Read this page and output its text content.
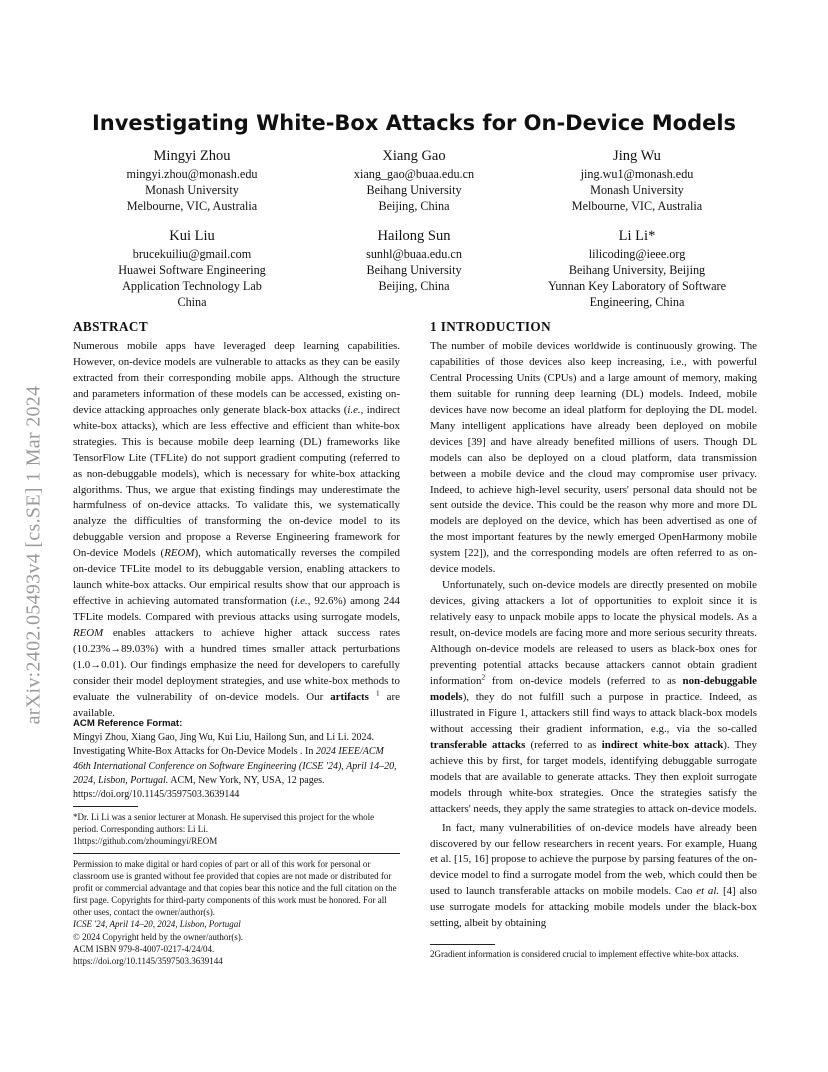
arXiv:2402.05493v4 [cs.SE] 1 Mar 2024
Investigating White-Box Attacks for On-Device Models
Mingyi Zhou
mingyi.zhou@monash.edu
Monash University
Melbourne, VIC, Australia
Xiang Gao
xiang_gao@buaa.edu.cn
Beihang University
Beijing, China
Jing Wu
jing.wu1@monash.edu
Monash University
Melbourne, VIC, Australia
Kui Liu
brucekuiliu@gmail.com
Huawei Software Engineering
Application Technology Lab
China
Hailong Sun
sunhl@buaa.edu.cn
Beihang University
Beijing, China
Li Li*
lilicoding@ieee.org
Beihang University, Beijing
Yunnan Key Laboratory of Software
Engineering, China
ABSTRACT

Numerous mobile apps have leveraged deep learning capabilities. However, on-device models are vulnerable to attacks as they can be easily extracted from their corresponding mobile apps. Although the structure and parameters information of these models can be accessed, existing on-device attacking approaches only generate black-box attacks (i.e., indirect white-box attacks), which are less effective and efficient than white-box strategies. This is because mobile deep learning (DL) frameworks like TensorFlow Lite (TFLite) do not support gradient computing (referred to as non-debuggable models), which is necessary for white-box attacking algorithms. Thus, we argue that existing findings may underestimate the harmfulness of on-device attacks. To validate this, we systematically analyze the difficulties of transforming the on-device model to its debuggable version and propose a Reverse Engineering framework for On-device Models (REOM), which automatically reverses the compiled on-device TFLite model to its debuggable version, enabling attackers to launch white-box attacks. Our empirical results show that our approach is effective in achieving automated transformation (i.e., 92.6%) among 244 TFLite models. Compared with previous attacks using surrogate models, REOM enables attackers to achieve higher attack success rates (10.23%→89.03%) with a hundred times smaller attack perturbations (1.0→0.01). Our findings emphasize the need for developers to carefully consider their model deployment strategies, and use white-box methods to evaluate the vulnerability of on-device models. Our artifacts $^1$ are available.

ACM Reference Format:

Mingyi Zhou, Xiang Gao, Jing Wu, Kui Liu, Hailong Sun, and Li Li. 2024. Investigating White-Box Attacks for On-Device Models . In 2024 IEEE/ACM 46th International Conference on Software Engineering (ICSE '24), April 14–20, 2024, Lisbon, Portugal. ACM, New York, NY, USA, 12 pages. https://doi.org/10.1145/3597503.3639144

*Dr. Li Li was a senior lecturer at Monash. He supervised this project for the whole period. Corresponding authors: Li Li.

1https://github.com/zhoumingyi/REOM

Permission to make digital or hard copies of part or all of this work for personal or classroom use is granted without fee provided that copies are not made or distributed for profit or commercial advantage and that copies bear this notice and the full citation on the first page. Copyrights for third-party components of this work must be honored. For all other uses, contact the owner/author(s).

ICSE '24, April 14–20, 2024, Lisbon, Portugal

© 2024 Copyright held by the owner/author(s).

ACM ISBN 979-8-4007-0217-4/24/04.

https://doi.org/10.1145/3597503.3639144

1 INTRODUCTION

The number of mobile devices worldwide is continuously growing. The capabilities of those devices also keep increasing, i.e., with powerful Central Processing Units (CPUs) and a large amount of memory, making them suitable for running deep learning (DL) models. Indeed, mobile devices have now become an ideal platform for deploying the DL model. Many intelligent applications have already been deployed on mobile devices [39] and have already benefited millions of users. Though DL models can also be deployed on a cloud platform, data transmission between a mobile device and the cloud may compromise user privacy. Indeed, to achieve high-level security, users' personal data should not be sent outside the device. This could be the reason why more and more DL models are deployed on the device, which has been advertised as one of the most important features by the newly emerged OpenHarmony mobile system [22]), and the corresponding models are often referred to as on-device models.

Unfortunately, such on-device models are directly presented on mobile devices, giving attackers a lot of opportunities to exploit since it is relatively easy to unpack mobile apps to locate the physical models. As a result, on-device models are facing more and more serious security threats. Although on-device models are released to users as black-box ones for preventing potential attacks because attackers cannot obtain gradient information$^2$ from on-device models (referred to as non-debuggable models), they do not fulfill such a purpose in practice. Indeed, as illustrated in Figure 1, attackers still find ways to attack black-box models without accessing their gradient information, e.g., via the so-called transferable attacks (referred to as indirect white-box attack). They achieve this by first, for target models, identifying debuggable surrogate models that are available to generate attacks. They then exploit surrogate models through white-box strategies. Once the strategies satisfy the attackers' needs, they apply the same strategies to attack on-device models.

In fact, many vulnerabilities of on-device models have already been discovered by our fellow researchers in recent years. For example, Huang et al. [15, 16] propose to achieve the purpose by parsing features of the on-device model to find a surrogate model from the web, which could then be used to launch transferable attacks on mobile models. Cao et al. [4] also use surrogate models for attacking mobile models under the black-box setting, albeit by obtaining

2Gradient information is considered crucial to implement effective white-box attacks.
